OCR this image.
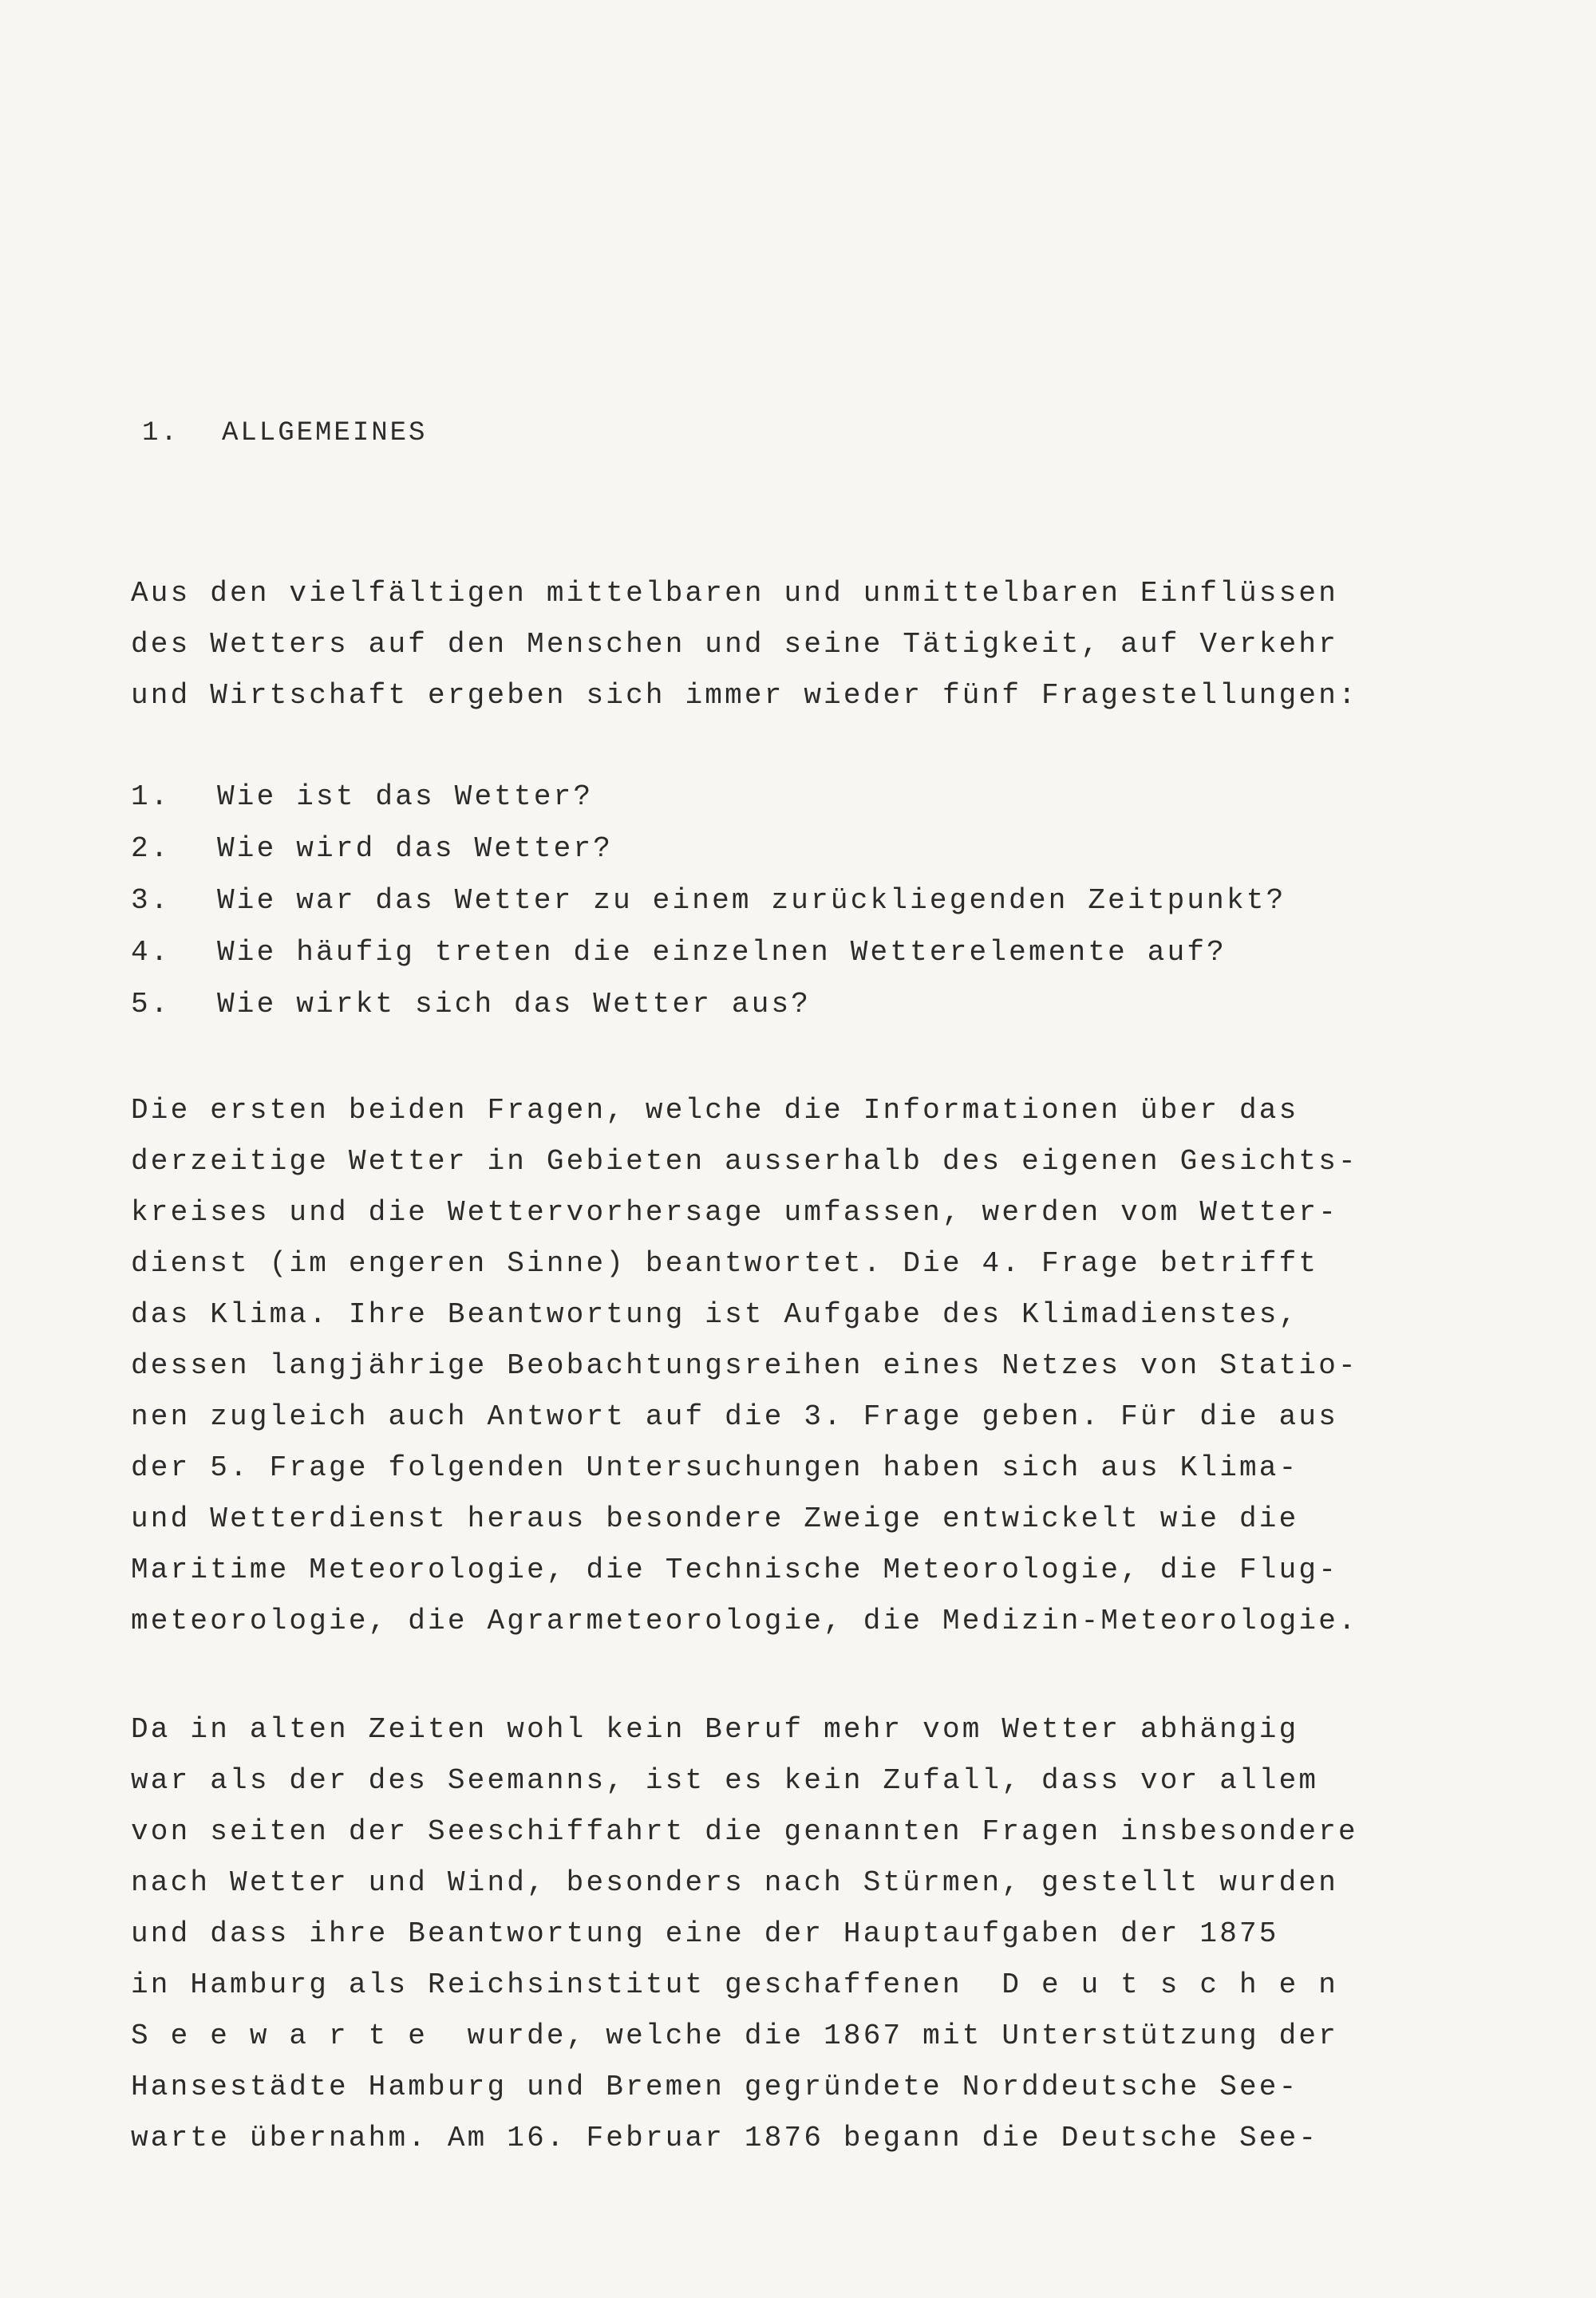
1. ALLGEMEINES
Aus den vielfältigen mittelbaren und unmittelbaren Einflüssen
des Wetters auf den Menschen und seine Tätigkeit, auf Verkehr
und Wirtschaft ergeben sich immer wieder fünf Fragestellungen:
1. Wie ist das Wetter?
2. Wie wird das Wetter?
3. Wie war das Wetter zu einem zurückliegenden Zeitpunkt?
4. Wie häufig treten die einzelnen Wetterelemente auf?
5. Wie wirkt sich das Wetter aus?
Die ersten beiden Fragen, welche die Informationen über das
derzeitige Wetter in Gebieten ausserhalb des eigenen Gesichts-
kreises und die Wettervorhersage umfassen, werden vom Wetter-
dienst (im engeren Sinne) beantwortet. Die 4. Frage betrifft
das Klima. Ihre Beantwortung ist Aufgabe des Klimadienstes,
dessen langjährige Beobachtungsreihen eines Netzes von Statio-
nen zugleich auch Antwort auf die 3. Frage geben. Für die aus
der 5. Frage folgenden Untersuchungen haben sich aus Klima-
und Wetterdienst heraus besondere Zweige entwickelt wie die
Maritime Meteorologie, die Technische Meteorologie, die Flug-
meteorologie, die Agrarmeteorologie, die Medizin-Meteorologie.
Da in alten Zeiten wohl kein Beruf mehr vom Wetter abhängig
war als der des Seemanns, ist es kein Zufall, dass vor allem
von seiten der Seeschiffahrt die genannten Fragen insbesondere
nach Wetter und Wind, besonders nach Stürmen, gestellt wurden
und dass ihre Beantwortung eine der Hauptaufgaben der 1875
in Hamburg als Reichsinstitut geschaffenen  D e u t s c h e n
S e e w a r t e  wurde, welche die 1867 mit Unterstützung der
Hansestädte Hamburg und Bremen gegründete Norddeutsche See-
warte übernahm. Am 16. Februar 1876 begann die Deutsche See-
